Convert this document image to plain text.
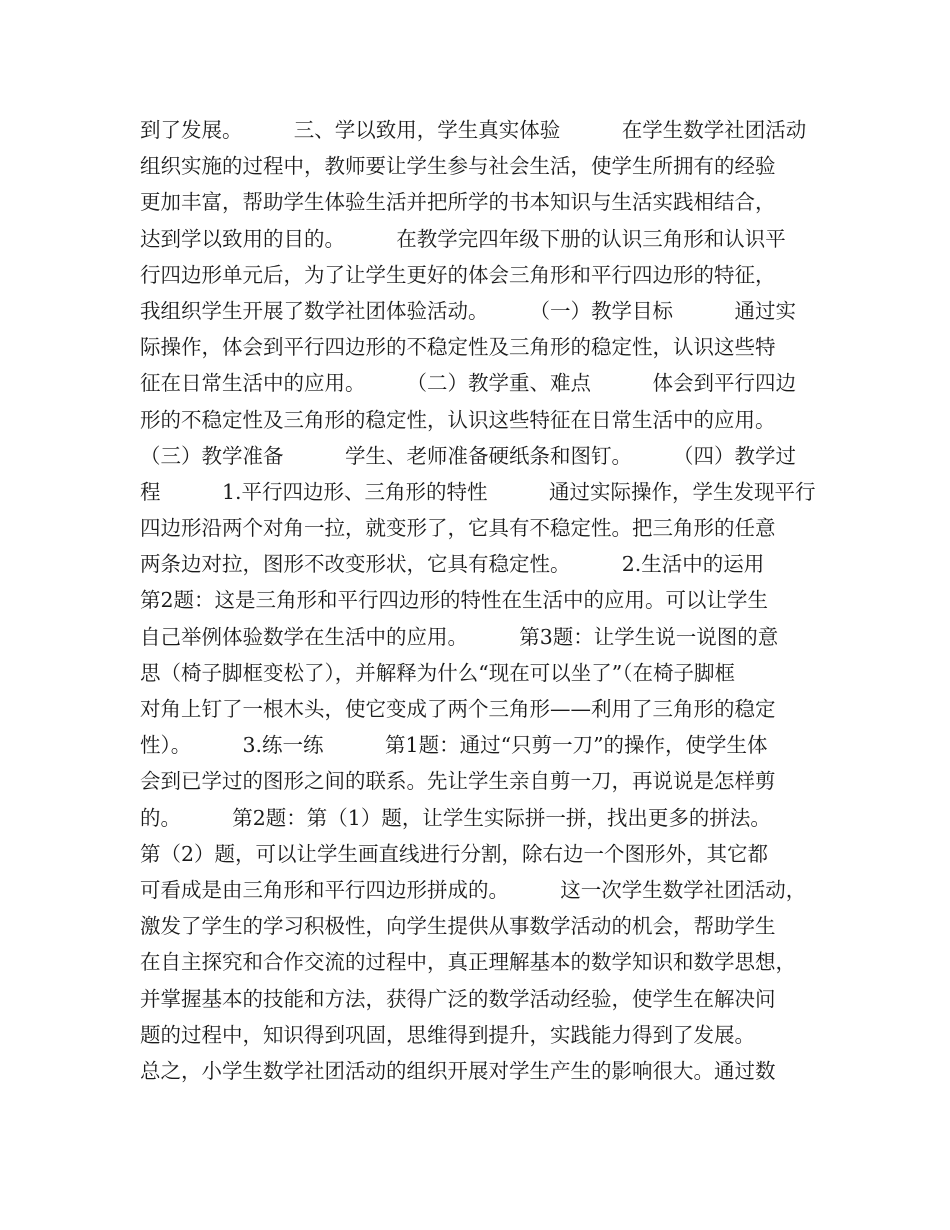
到了发展。　　　三、学以致用，学生真实体验　　　在学生数学社团活动
组织实施的过程中，教师要让学生参与社会生活，使学生所拥有的经验
更加丰富，帮助学生体验生活并把所学的书本知识与生活实践相结合，
达到学以致用的目的。　　　在教学完四年级下册的认识三角形和认识平
行四边形单元后，为了让学生更好的体会三角形和平行四边形的特征，
我组织学生开展了数学社团体验活动。　　　（一）教学目标　　　通过实
际操作，体会到平行四边形的不稳定性及三角形的稳定性，认识这些特
征在日常生活中的应用。　　　（二）教学重、难点　　　体会到平行四边
形的不稳定性及三角形的稳定性，认识这些特征在日常生活中的应用。
（三）教学准备　　　学生、老师准备硬纸条和图钉。　　　（四）教学过
程　　　1.平行四边形、三角形的特性　　　通过实际操作，学生发现平行
四边形沿两个对角一拉，就变形了，它具有不稳定性。把三角形的任意
两条边对拉，图形不改变形状，它具有稳定性。　　　2.生活中的运用
第2题：这是三角形和平行四边形的特性在生活中的应用。可以让学生
自己举例体验数学在生活中的应用。　　　第3题：让学生说一说图的意
思（椅子脚框变松了），并解释为什么“现在可以坐了”（在椅子脚框
对角上钉了一根木头，使它变成了两个三角形——利用了三角形的稳定
性）。　　　3.练一练　　　第1题：通过“只剪一刀”的操作，使学生体
会到已学过的图形之间的联系。先让学生亲自剪一刀，再说说是怎样剪
的。　　　第2题：第（1）题，让学生实际拼一拼，找出更多的拼法。
第（2）题，可以让学生画直线进行分割，除右边一个图形外，其它都
可看成是由三角形和平行四边形拼成的。　　　这一次学生数学社团活动，
激发了学生的学习积极性，向学生提供从事数学活动的机会，帮助学生
在自主探究和合作交流的过程中，真正理解基本的数学知识和数学思想，
并掌握基本的技能和方法，获得广泛的数学活动经验，使学生在解决问
题的过程中，知识得到巩固，思维得到提升，实践能力得到了发展。
总之，小学生数学社团活动的组织开展对学生产生的影响很大。通过数
